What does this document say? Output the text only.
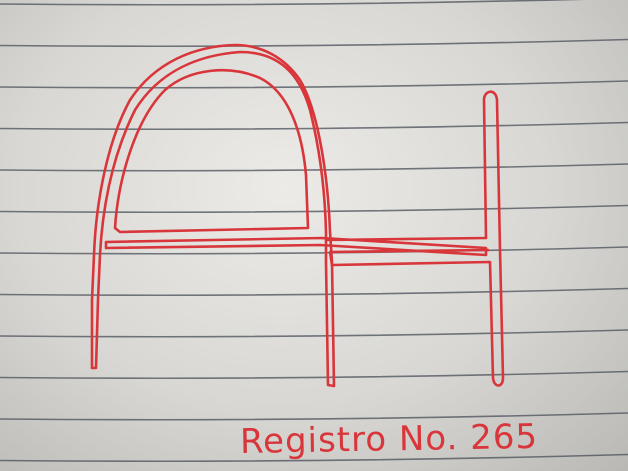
Registro No. 265
